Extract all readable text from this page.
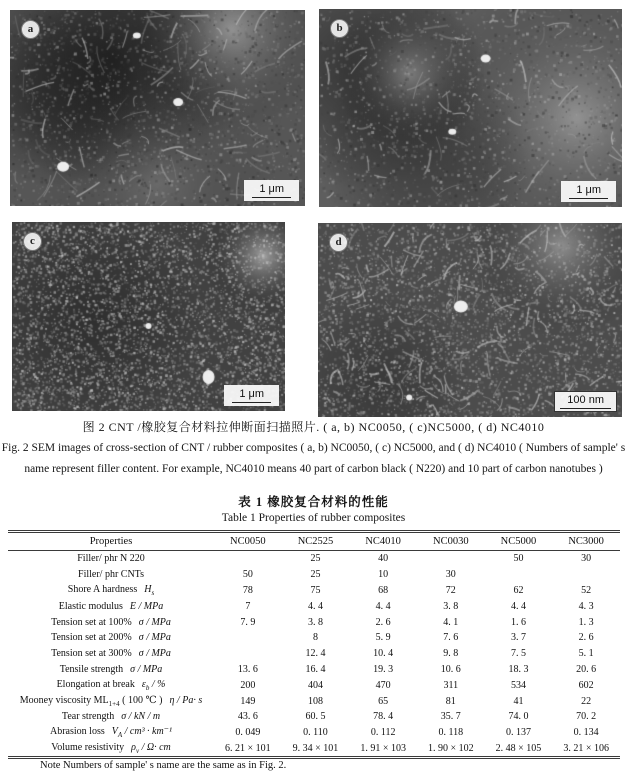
a
1 μm
b
1 μm
c
1 μm
d
100 nm
图 2 CNT /橡胶复合材料拉伸断面扫描照片. ( a, b) NC0050, ( c)NC5000, ( d) NC4010
Fig. 2 SEM images of cross-section of CNT / rubber composites ( a, b) NC0050, ( c) NC5000, and ( d) NC4010 ( Numbers of sample' s
name represent filler content. For example, NC4010 means 40 part of carbon black ( N220) and 10 part of carbon nanotubes )
表 1 橡胶复合材料的性能
Table 1 Properties of rubber composites
Properties	NC0050	NC2525	NC4010	NC0030	NC5000	NC3000
Filler/ phr N 220		25	40		50	30
Filler/ phr CNTs	50	25	10	30		
Shore A hardness $H_s$	78	75	68	72	62	52
Elastic modulus E / MPa	7	4. 4	4. 4	3. 8	4. 4	4. 3
Tension set at 100% σ / MPa	7. 9	3. 8	2. 6	4. 1	1. 6	1. 3
Tension set at 200% σ / MPa		8	5. 9	7. 6	3. 7	2. 6
Tension set at 300% σ / MPa		12. 4	10. 4	9. 8	7. 5	5. 1
Tensile strength σ / MPa	13. 6	16. 4	19. 3	10. 6	18. 3	20. 6
Elongation at break $\varepsilon_b$ / %	200	404	470	311	534	602
Mooney viscosity $ML_{1+4}$ ( 100 ℃ ) η / Pa· s	149	108	65	81	41	22
Tear strength σ / kN / m	43. 6	60. 5	78. 4	35. 7	74. 0	70. 2
Abrasion loss $V_A / cm^3 \cdot km^{-1}$	0. 049	0. 110	0. 112	0. 118	0. 137	0. 134
Volume resistivity $\rho_v / \Omega\cdot$ cm	6. 21 × 101	9. 34 × 101	1. 91 × 103	1. 90 × 102	2. 48 × 105	3. 21 × 106
Note Numbers of sample' s name are the same as in Fig. 2.
